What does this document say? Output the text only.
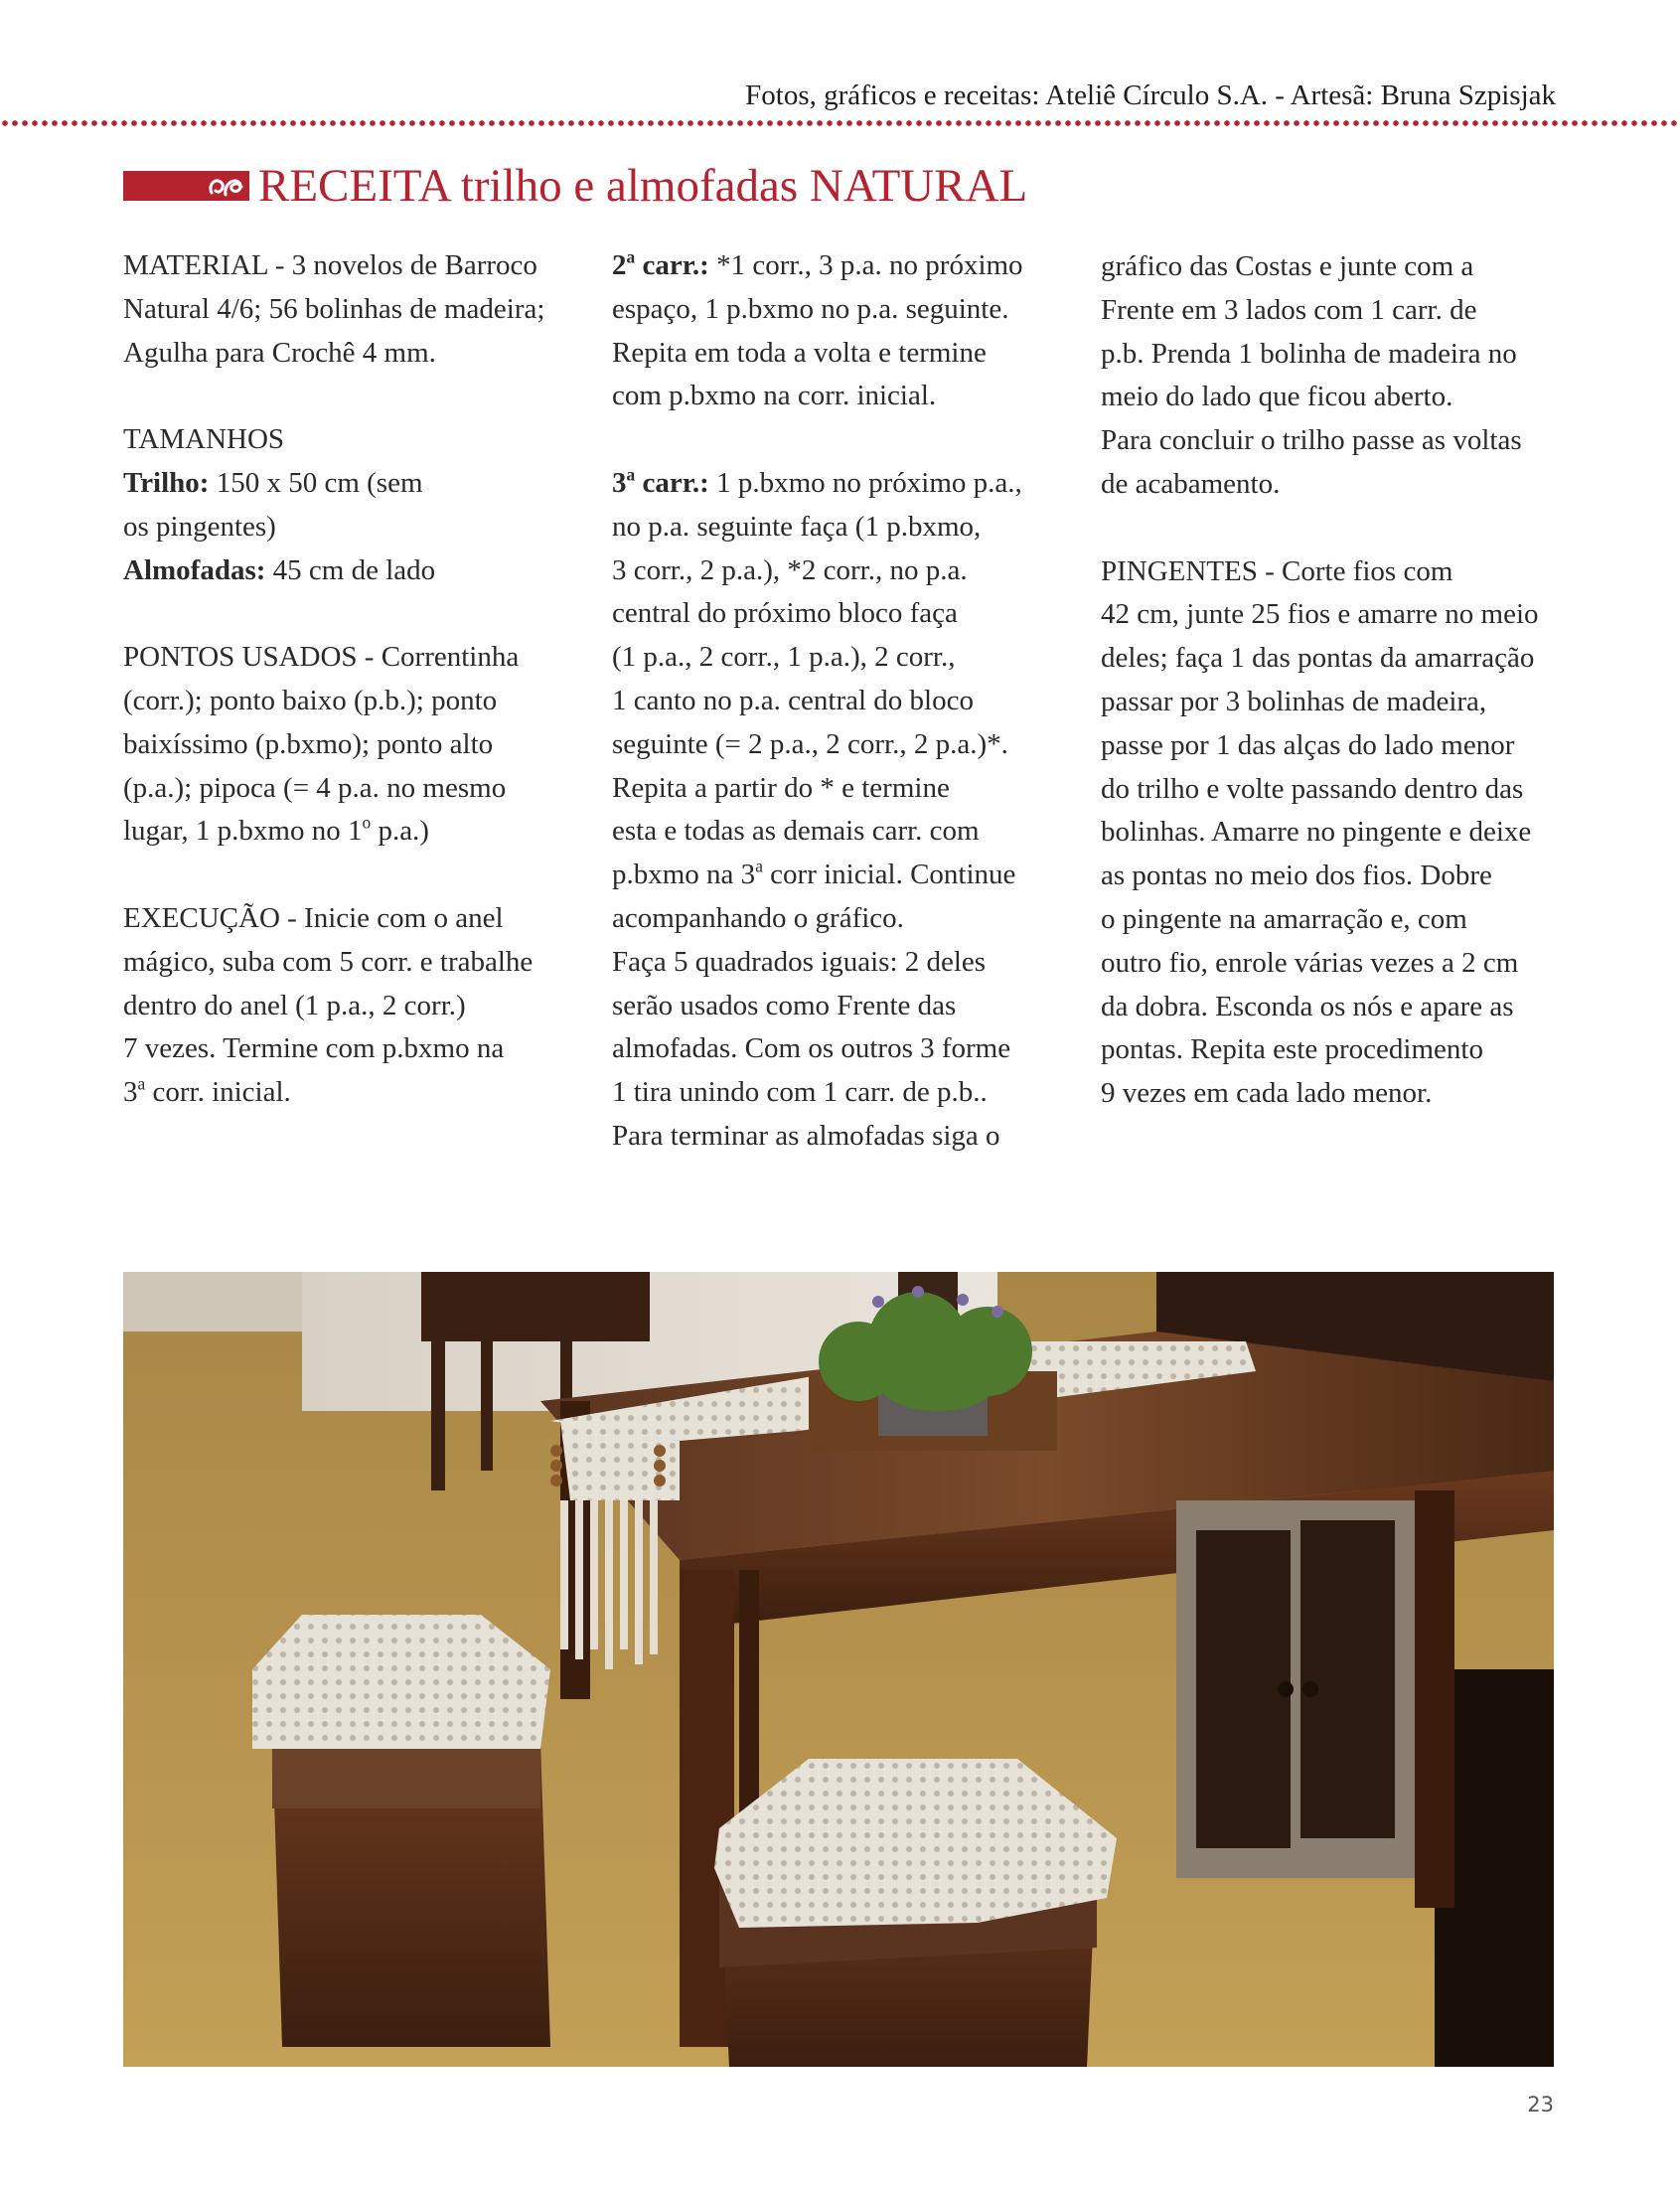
Fotos, gráficos e receitas: Ateliê Círculo S.A. - Artesã: Bruna Szpisjak
RECEITA trilho e almofadas NATURAL
MATERIAL - 3 novelos de Barroco
Natural 4/6; 56 bolinhas de madeira;
Agulha para Crochê 4 mm.
TAMANHOS
Trilho: 150 x 50 cm (sem
os pingentes)
Almofadas: 45 cm de lado
PONTOS USADOS - Correntinha
(corr.); ponto baixo (p.b.); ponto
baixíssimo (p.bxmo); ponto alto
(p.a.); pipoca (= 4 p.a. no mesmo
lugar, 1 p.bxmo no 1$^o$ p.a.)
EXECUÇÃO - Inicie com o anel
mágico, suba com 5 corr. e trabalhe
dentro do anel (1 p.a., 2 corr.)
7 vezes. Termine com p.bxmo na
3$^a$ corr. inicial.
2$^a$ carr.: *1 corr., 3 p.a. no próximo
espaço, 1 p.bxmo no p.a. seguinte.
Repita em toda a volta e termine
com p.bxmo na corr. inicial.
3$^a$ carr.: 1 p.bxmo no próximo p.a.,
no p.a. seguinte faça (1 p.bxmo,
3 corr., 2 p.a.), *2 corr., no p.a.
central do próximo bloco faça
(1 p.a., 2 corr., 1 p.a.), 2 corr.,
1 canto no p.a. central do bloco
seguinte (= 2 p.a., 2 corr., 2 p.a.)*.
Repita a partir do * e termine
esta e todas as demais carr. com
p.bxmo na 3$^a$ corr inicial. Continue
acompanhando o gráfico.
Faça 5 quadrados iguais: 2 deles
serão usados como Frente das
almofadas. Com os outros 3 forme
1 tira unindo com 1 carr. de p.b..
Para terminar as almofadas siga o
gráfico das Costas e junte com a
Frente em 3 lados com 1 carr. de
p.b. Prenda 1 bolinha de madeira no
meio do lado que ficou aberto.
Para concluir o trilho passe as voltas
de acabamento.
PINGENTES - Corte fios com
42 cm, junte 25 fios e amarre no meio
deles; faça 1 das pontas da amarração
passar por 3 bolinhas de madeira,
passe por 1 das alças do lado menor
do trilho e volte passando dentro das
bolinhas. Amarre no pingente e deixe
as pontas no meio dos fios. Dobre
o pingente na amarração e, com
outro fio, enrole várias vezes a 2 cm
da dobra. Esconda os nós e apare as
pontas. Repita este procedimento
9 vezes em cada lado menor.
23
